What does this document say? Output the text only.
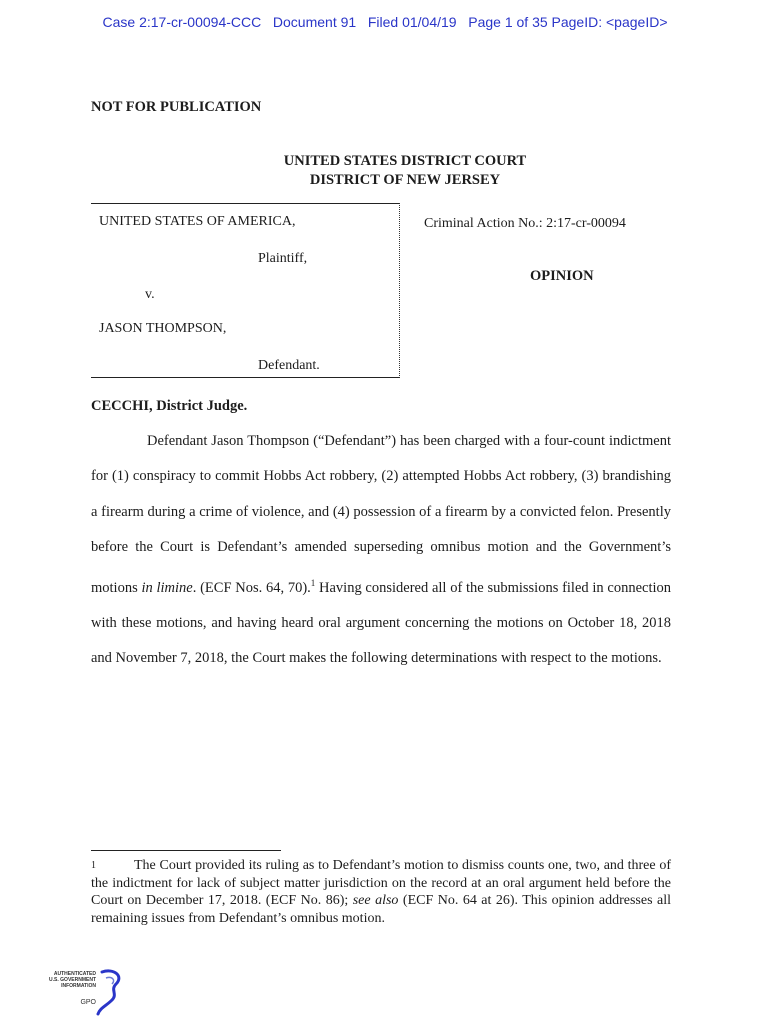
Case 2:17-cr-00094-CCC   Document 91   Filed 01/04/19   Page 1 of 35 PageID: <pageID>
NOT FOR PUBLICATION
UNITED STATES DISTRICT COURT
DISTRICT OF NEW JERSEY
UNITED STATES OF AMERICA,
Plaintiff,
v.
JASON THOMPSON,
Defendant.
Criminal Action No.: 2:17-cr-00094
OPINION
CECCHI, District Judge.
Defendant Jason Thompson (“Defendant”) has been charged with a four-count indictment for (1) conspiracy to commit Hobbs Act robbery, (2) attempted Hobbs Act robbery, (3) brandishing a firearm during a crime of violence, and (4) possession of a firearm by a convicted felon. Presently before the Court is Defendant’s amended superseding omnibus motion and the Government’s motions in limine. (ECF Nos. 64, 70).$^1$ Having considered all of the submissions filed in connection with these motions, and having heard oral argument concerning the motions on October 18, 2018 and November 7, 2018, the Court makes the following determinations with respect to the motions.
1	The Court provided its ruling as to Defendant’s motion to dismiss counts one, two, and three of the indictment for lack of subject matter jurisdiction on the record at an oral argument held before the Court on December 17, 2018. (ECF No. 86); see also (ECF No. 64 at 26). This opinion addresses all remaining issues from Defendant’s omnibus motion.
AUTHENTICATED
U.S. GOVERNMENT
INFORMATION
GPO
